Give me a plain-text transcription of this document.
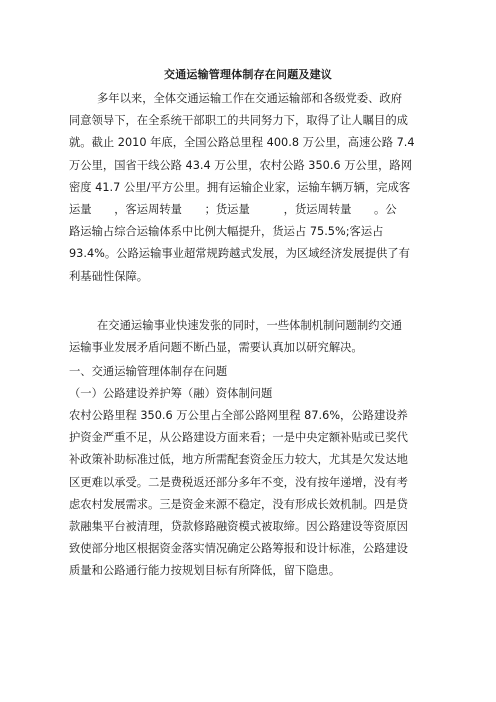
交通运输管理体制存在问题及建议
多年以来，全体交通运输工作在交通运输部和各级党委、政府
同意领导下，在全系统干部职工的共同努力下，取得了让人瞩目的成
就。截止 2010 年底，全国公路总里程 400.8 万公里，高速公路 7.4
万公里，国省干线公路 43.4 万公里，农村公路 350.6 万公里，路网
密度 41.7 公里/平方公里。拥有运输企业家，运输车辆万辆，完成客
运量　　，客运周转量　　；货运量　　　，货运周转量　　。公
路运输占综合运输体系中比例大幅提升，货运占 75.5%;客运占
93.4%。公路运输事业超常规跨越式发展，为区域经济发展提供了有
利基础性保障。
在交通运输事业快速发张的同时，一些体制机制问题制约交通
运输事业发展矛盾问题不断凸显，需要认真加以研究解决。
一、交通运输管理体制存在问题
（一）公路建设养护筹（融）资体制问题
农村公路里程 350.6 万公里占全部公路网里程 87.6%，公路建设养
护资金严重不足，从公路建设方面来看；一是中央定额补贴或已奖代
补政策补助标准过低，地方所需配套资金压力较大，尤其是欠发达地
区更难以承受。二是费税返还部分多年不变，没有按年递增，没有考
虑农村发展需求。三是资金来源不稳定，没有形成长效机制。四是贷
款融集平台被清理，贷款修路融资模式被取缔。因公路建设等资原因
致使部分地区根据资金落实情况确定公路筹报和设计标准，公路建设
质量和公路通行能力按规划目标有所降低，留下隐患。
